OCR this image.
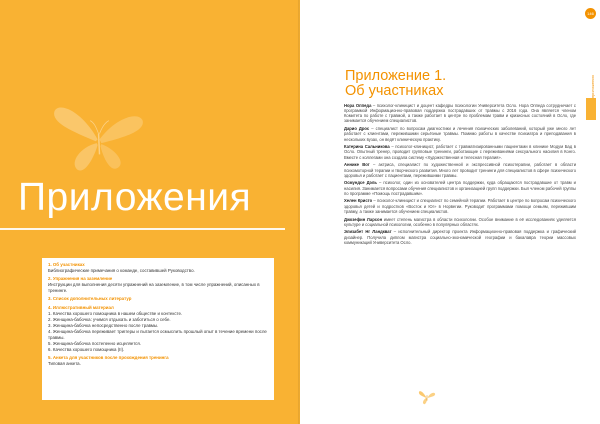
Приложения

1. Об участниках

Библиографические примечания о команде, составившей Руководство.

2. Упражнения на заземление

Инструкции для выполнения десяти упражнений на заземление, в том числе упражнений, описанных в тренинге.

3. Список дополнительных литератур

4. Иллюстративный материал

1. Качества хорошего помощника в нашем обществе и контексте.

2. Женщина-бабочка: учимся отдыхать и заботиться о себе.

3. Женщина-бабочка непосредственно после травмы.

4. Женщина-бабочка переживает триггеры и пытается осмыслить прошлый опыт в течение времени после травмы.

5. Женщина-бабочка постепенно исцеляется.

6. Качества хорошего помощника (II).

5. Анкета для участников после прохождения тренинга

Типовая анкета.

146
приложения
Приложение 1.
Об участниках

Нора Оппеда – психолог-клиницист и доцент кафедры психологии Университета Осло. Нора Оппеда сотрудничает с программой Информационно-правовая поддержка пострадавших от травмы с 2016 года. Она является членом Комитета по работе с травмой, а также работает в центре по проблемам травм и кризисных состояний в Осло, где занимается обучением специалистов.

Дарио Дрос – специалист по вопросам диагностики и лечения психических заболеваний, который уже много лет работает с клиентами, пережившими серьёзные травмы. Помимо работы в качестве психиатра и преподавания в нескольких вузах, он ведёт клиническую практику.

Катерина Сальникова – психолог-клиницист, работает с травматизированными пациентами в клинике Модум Бад в Осло. Опытный тренер, проводит групповые тренинги, работающие с переживаниями сексуального насилия в Конго. Вместе с коллегами она создала систему «Художественная и телесная терапия».

Аннике Вот – актриса, специалист по художественной и экспрессивной психотерапии, работает в области психомоторной терапии и творческого развития. Много лет проводит тренинги для специалистов в сфере психического здоровья и работает с пациентами, пережившими травмы.

Осмундсе Дэль – психолог, один из основателей центра поддержки, куда обращаются пострадавшие от травм и насилия. Занимается вопросами обучения специалистов и организацией групп поддержки. Был членом рабочей группы по программе «Помощь пострадавшим».

Хелен Кристо – психолог-клиницист и специалист по семейной терапии. Работает в центре по вопросам психического здоровья детей и подростков «Восток и Юг» в Норвегии. Руководит программами помощи семьям, пережившим травму, а также занимается обучением специалистов.

Джозефин Ларсон имеет степень магистра в области психологии. Особое внимание в её исследованиях уделяется культуре и социальной психологии, особенно в популярных областях.

Элизабет Нг Ландкват – исполнительный директор проекта Информационно-правовая поддержка и графический дизайнер. Получила диплом магистра социально-экономической географии и бакалавра теории массовых коммуникаций Университета Осло.
